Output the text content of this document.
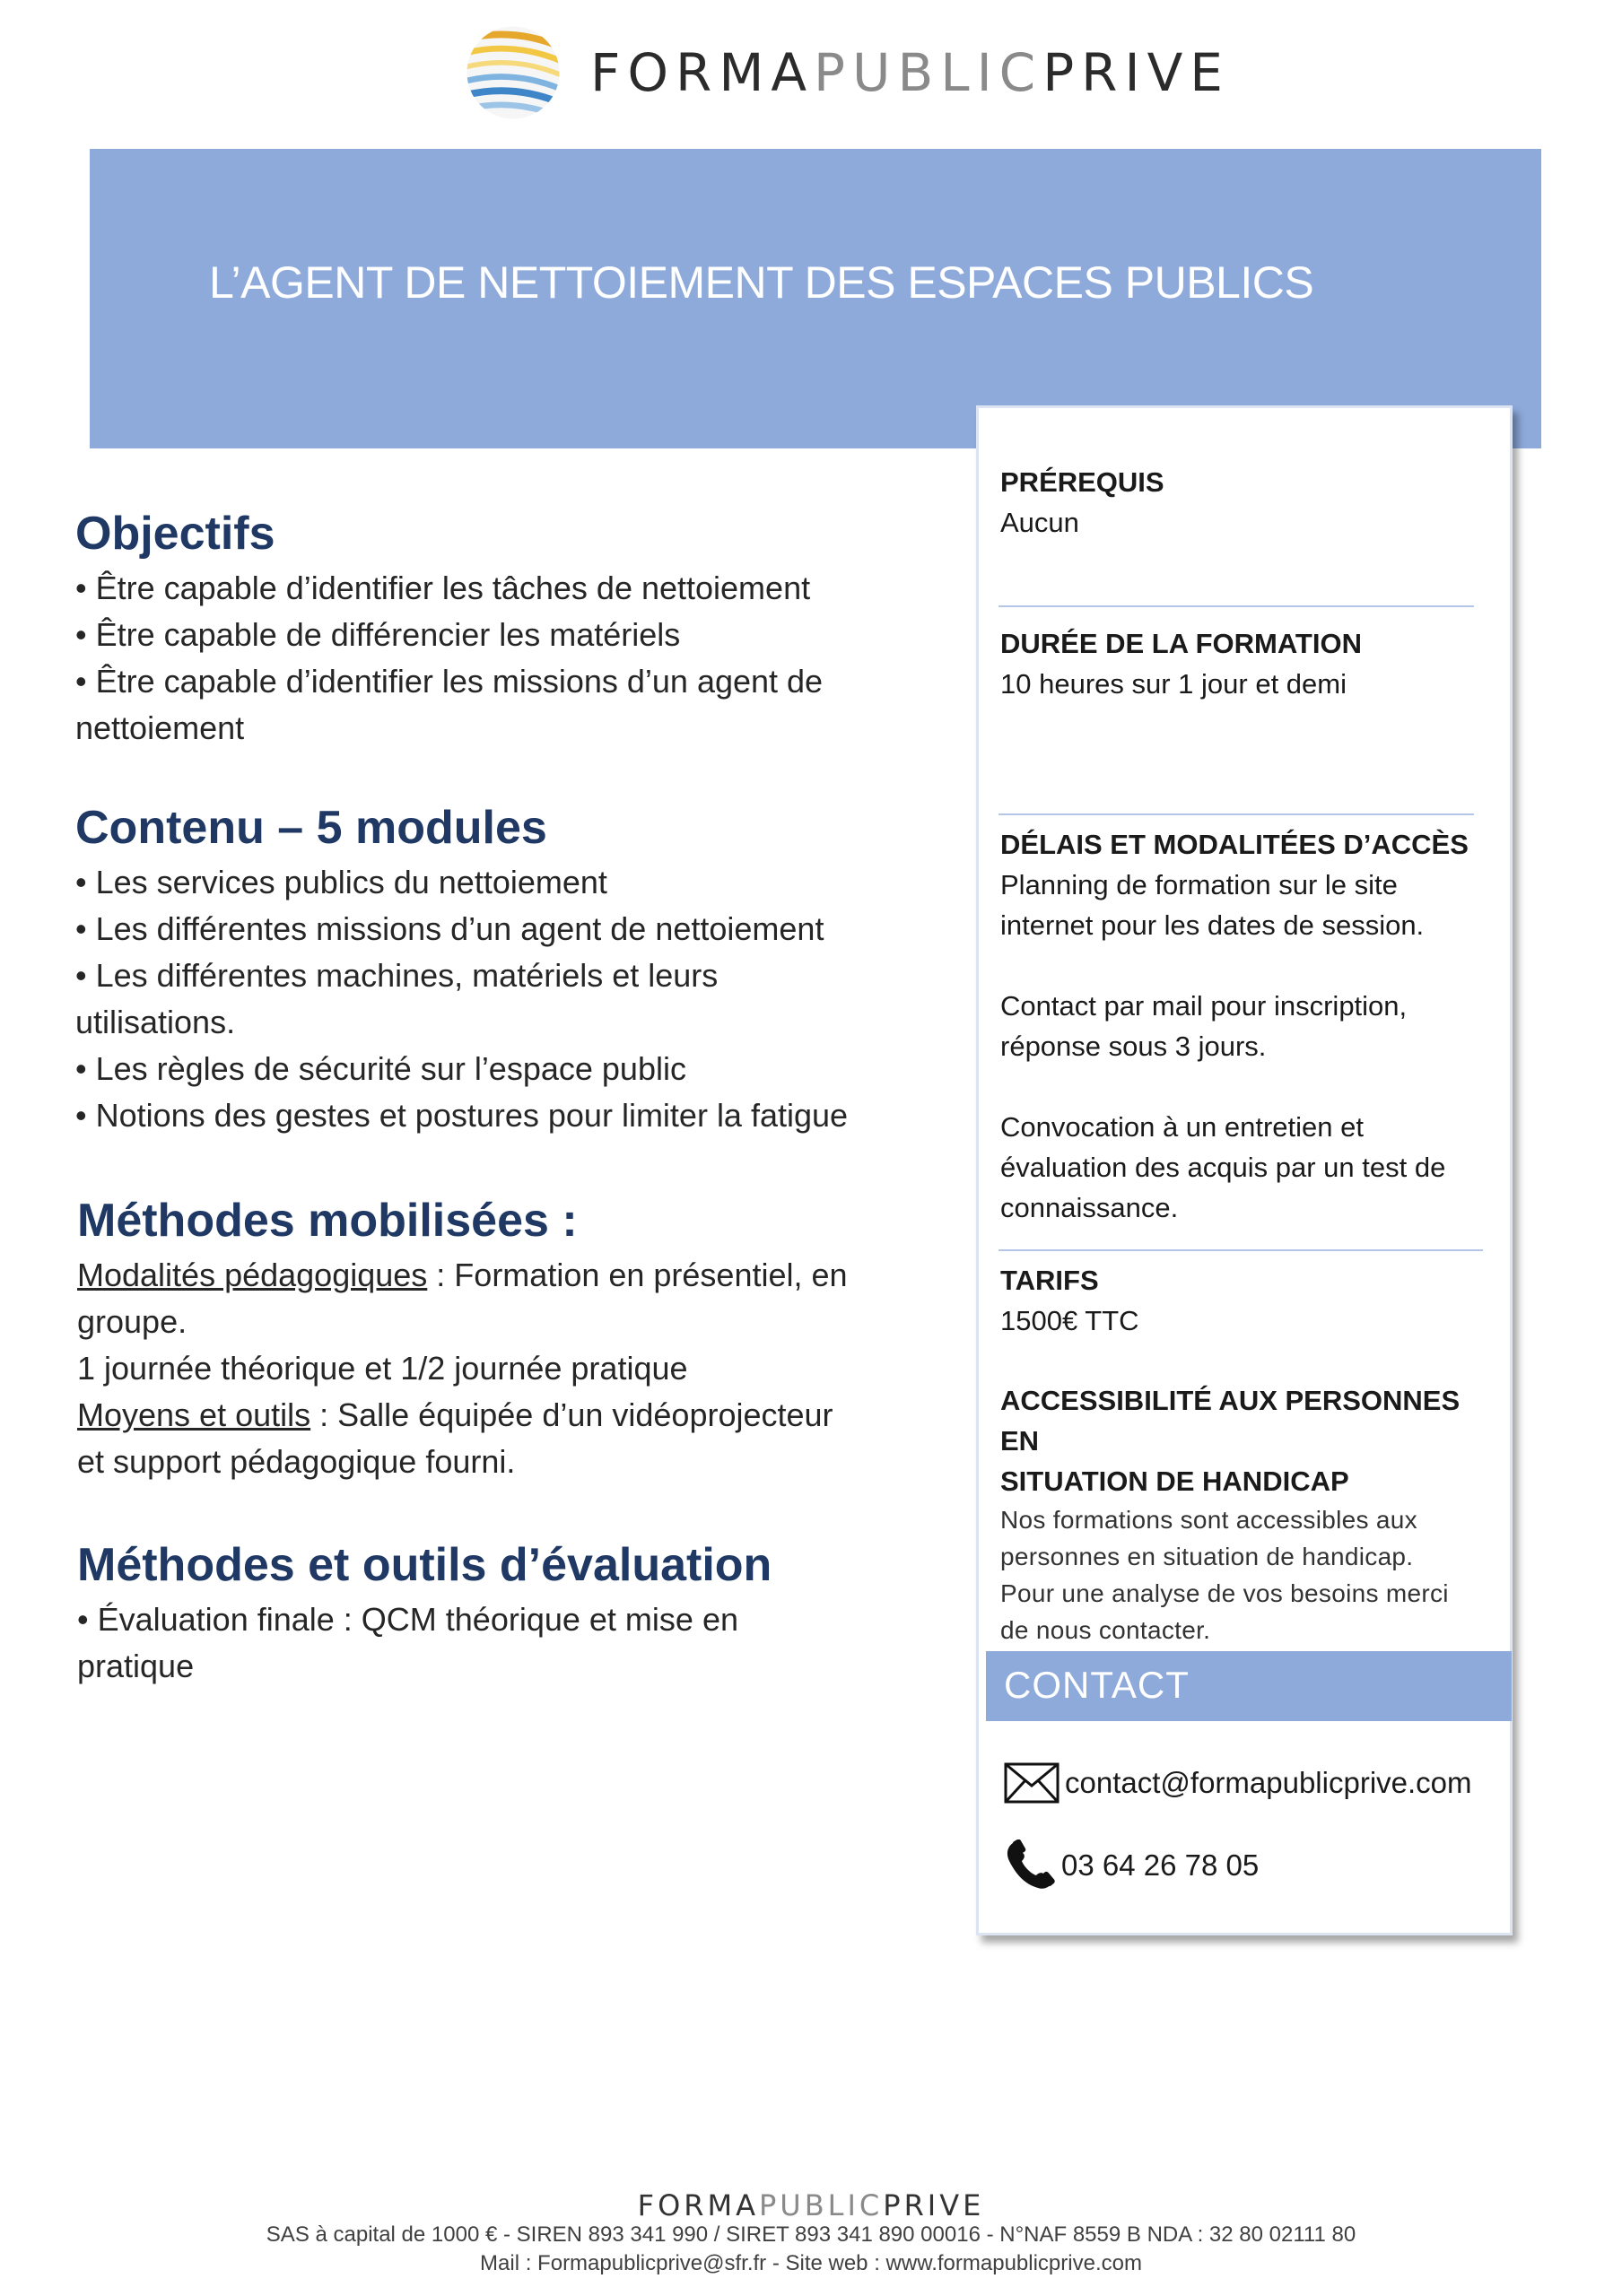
FORMAPUBLICPRIVE
L’AGENT DE NETTOIEMENT DES ESPACES PUBLICS
Objectifs

• Être capable d’identifier les tâches de nettoiement

• Être capable de différencier les matériels

• Être capable d’identifier les missions d’un agent de

nettoiement

Contenu – 5 modules

• Les services publics du nettoiement

• Les différentes missions d’un agent de nettoiement

• Les différentes machines, matériels et leurs

utilisations.

• Les règles de sécurité sur l’espace public

• Notions des gestes et postures pour limiter la fatigue

Méthodes mobilisées :

Modalités pédagogiques : Formation en présentiel, en

groupe.

1 journée théorique et 1/2 journée pratique

Moyens et outils : Salle équipée d’un vidéoprojecteur

et support pédagogique fourni.

Méthodes et outils d’évaluation

• Évaluation finale : QCM théorique et mise en

pratique

PRÉREQUIS

Aucun

DURÉE DE LA FORMATION

10 heures sur 1 jour et demi

DÉLAIS ET MODALITÉES D’ACCÈS

Planning de formation sur le site

internet pour les dates de session.

Contact par mail pour inscription,

réponse sous 3 jours.

Convocation à un entretien et

évaluation des acquis par un test de

connaissance.

TARIFS

1500€ TTC

ACCESSIBILITÉ AUX PERSONNES EN

SITUATION DE HANDICAP

Nos formations sont accessibles aux

personnes en situation de handicap.

Pour une analyse de vos besoins merci

de nous contacter.

CONTACT
contact@formapublicprive.com
03 64 26 78 05
FORMAPUBLICPRIVE
SAS à capital de 1000 € - SIREN 893 341 990 / SIRET 893 341 890 00016 - N°NAF 8559 B NDA : 32 80 02111 80
Mail : Formapublicprive@sfr.fr - Site web : www.formapublicprive.com
